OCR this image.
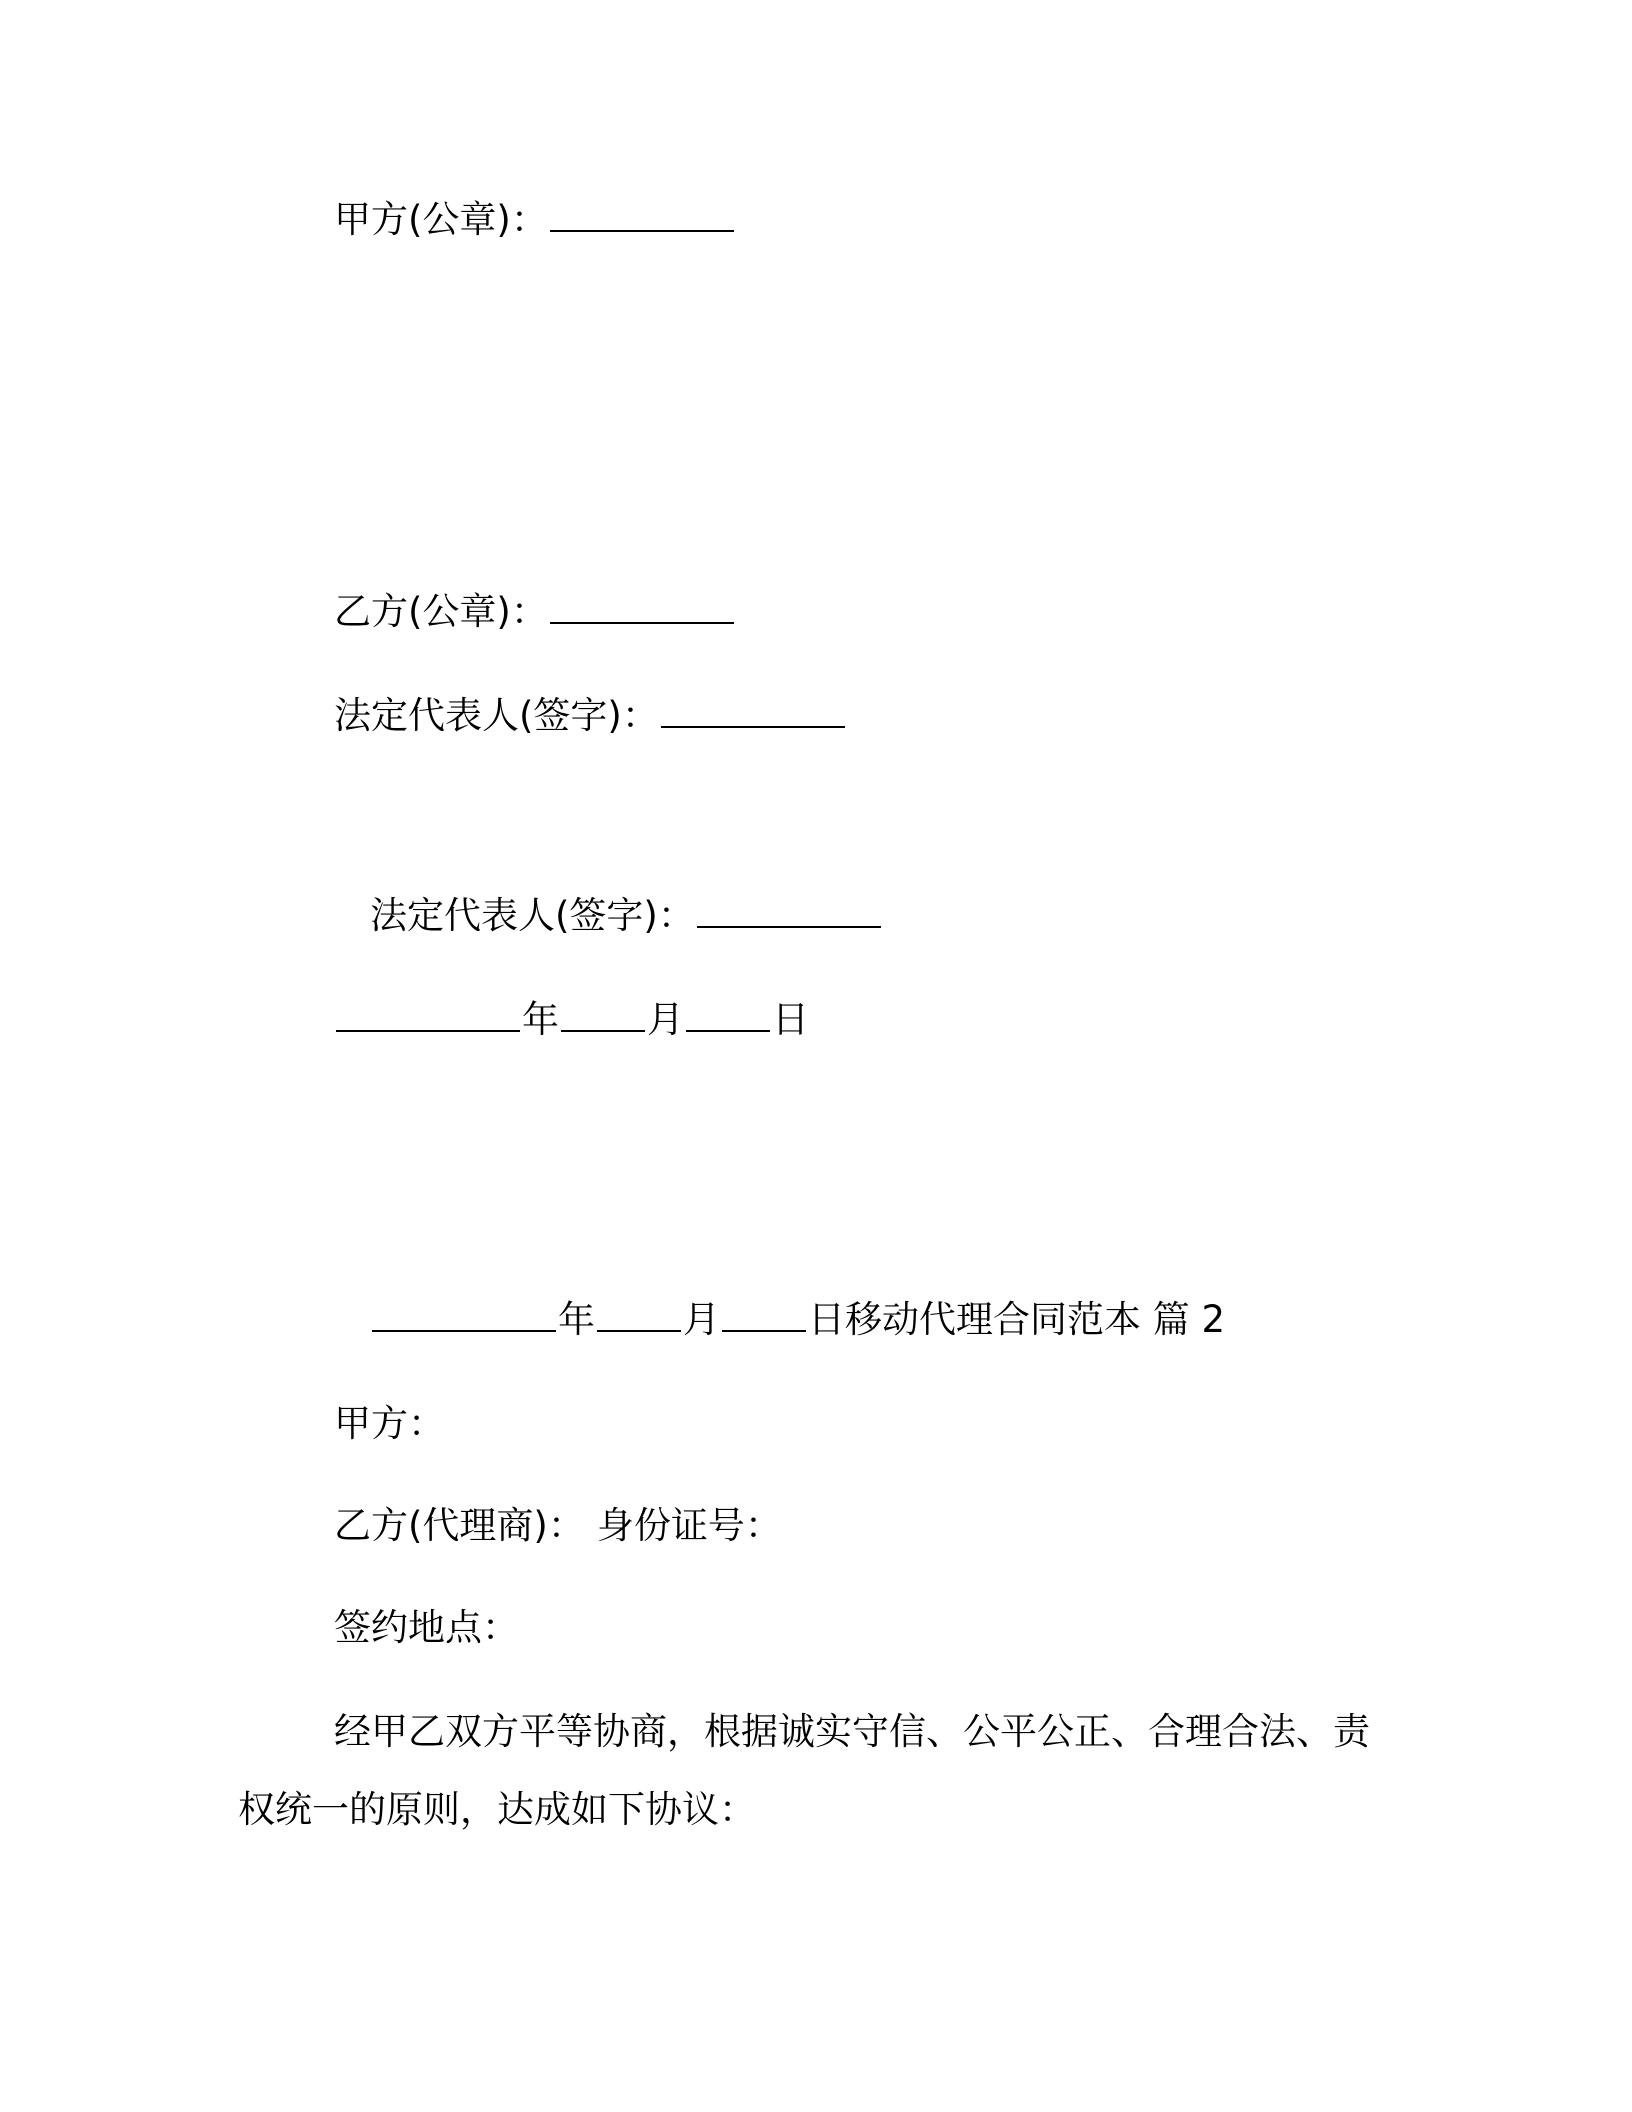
甲方(公章)：
乙方(公章)：
法定代表人(签字)：
法定代表人(签字)：
年 月 日
年 月 日移动代理合同范本 篇 2
甲方：
乙方(代理商)： 身份证号：
签约地点：
经甲乙双方平等协商，根据诚实守信、公平公正、合理合法、责
权统一的原则，达成如下协议：
